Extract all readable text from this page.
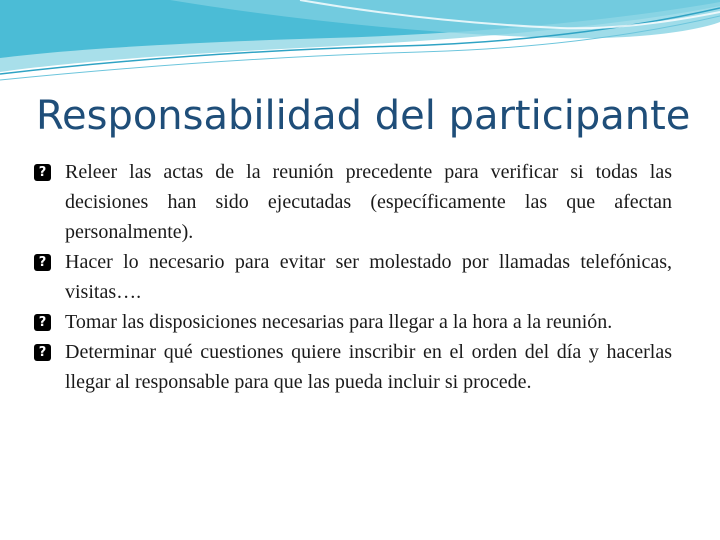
Responsabilidad del participante
? Releer las actas de la reunión precedente para verificar si todas las decisiones han sido ejecutadas (específicamente las que afectan personalmente).
? Hacer lo necesario para evitar ser molestado por llamadas telefónicas, visitas….
? Tomar las disposiciones necesarias para llegar a la hora a la reunión.
? Determinar qué cuestiones quiere inscribir en el orden del día y hacerlas llegar al responsable para que las pueda incluir si procede.
